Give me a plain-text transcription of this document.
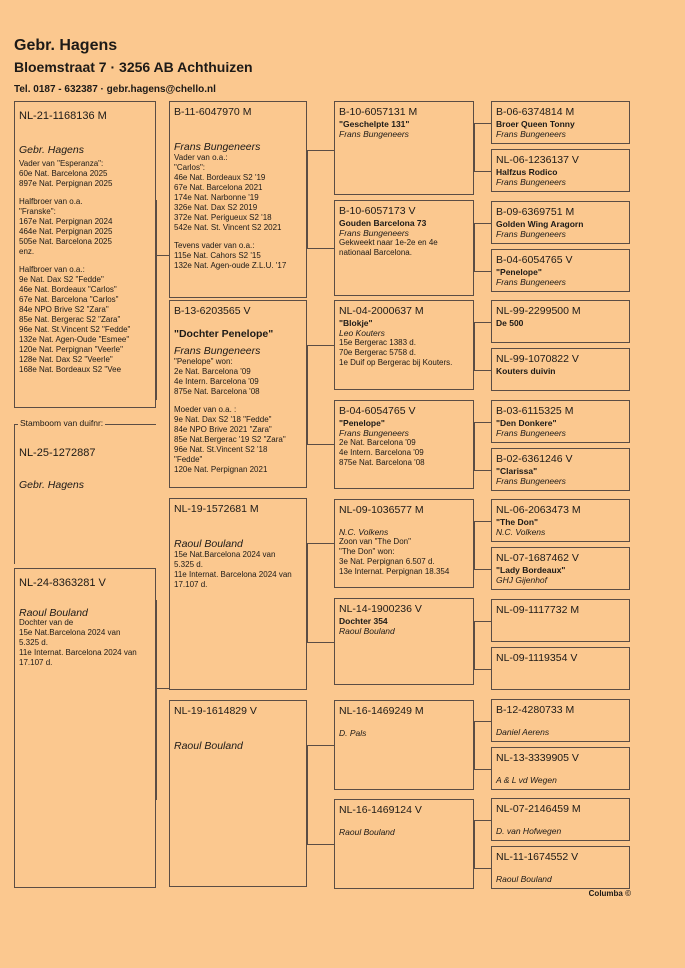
Gebr. Hagens
Bloemstraat 7 · 3256 AB Achthuizen
Tel. 0187 - 632387 · gebr.hagens@chello.nl
NL-21-1168136 M
Gebr. Hagens
Vader van "Esperanza":
60e Nat. Barcelona 2025
897e Nat. Perpignan 2025
Halfbroer van o.a.
"Franske":
167e Nat. Perpignan 2024
464e Nat. Perpignan 2025
505e Nat. Barcelona 2025
enz.
Halfbroer van o.a.:
9e Nat. Dax S2 "Fedde"
46e Nat. Bordeaux "Carlos"
67e Nat. Barcelona "Carlos"
84e NPO Brive S2 "Zara"
85e Nat. Bergerac S2 "Zara"
96e Nat. St.Vincent S2 "Fedde"
132e Nat. Agen-Oude "Esmee"
120e Nat. Perpignan "Veerle"
128e Nat. Dax S2 "Veerle"
168e Nat. Bordeaux S2 "Vee
NL-25-1272887
Gebr. Hagens
Stamboom van duifnr:
NL-24-8363281 V
Raoul Bouland
Dochter van de
15e Nat.Barcelona 2024 van
5.325 d.
11e Internat. Barcelona 2024 van
17.107 d.
B-11-6047970 M
Frans Bungeneers
Vader van o.a.:
"Carlos":
46e Nat. Bordeaux S2 '19
67e Nat. Barcelona 2021
174e Nat. Narbonne '19
326e Nat. Dax S2 2019
372e Nat. Perigueux S2 '18
542e Nat. St. Vincent S2 2021
Tevens vader van o.a.:
115e Nat. Cahors S2 '15
132e Nat. Agen-oude Z.L.U. '17
B-13-6203565 V
"Dochter Penelope"
Frans Bungeneers
"Penelope" won:
2e Nat. Barcelona '09
4e Intern. Barcelona '09
875e Nat. Barcelona '08
Moeder van o.a. :
9e Nat. Dax S2 '18 "Fedde"
84e NPO Brive 2021 "Zara"
85e Nat.Bergerac '19 S2 "Zara"
96e Nat. St.Vincent S2 '18
"Fedde"
120e Nat. Perpignan 2021
NL-19-1572681 M
Raoul Bouland
15e Nat.Barcelona 2024 van
5.325 d.
11e Internat. Barcelona 2024 van
17.107 d.
NL-19-1614829 V
Raoul Bouland
B-10-6057131 M
"Geschelpte 131"
Frans Bungeneers
B-10-6057173 V
Gouden Barcelona 73
Frans Bungeneers
Gekweekt naar 1e-2e en 4e
nationaal Barcelona.
NL-04-2000637 M
"Blokje"
Leo Kouters
15e Bergerac 1383 d.
70e Bergerac 5758 d.
1e Duif op Bergerac bij Kouters.
B-04-6054765 V
"Penelope"
Frans Bungeneers
2e Nat. Barcelona '09
4e Intern. Barcelona '09
875e Nat. Barcelona '08
NL-09-1036577 M
N.C. Volkens
Zoon van "The Don"
"The Don" won:
3e Nat. Perpignan 6.507 d.
13e Internat. Perpignan 18.354
NL-14-1900236 V
Dochter 354
Raoul Bouland
NL-16-1469249 M
D. Pals
NL-16-1469124 V
Raoul Bouland
B-06-6374814 M
Broer Queen Tonny
Frans Bungeneers
NL-06-1236137 V
Halfzus Rodico
Frans Bungeneers
B-09-6369751 M
Golden Wing Aragorn
Frans Bungeneers
B-04-6054765 V
"Penelope"
Frans Bungeneers
NL-99-2299500 M
De 500
NL-99-1070822 V
Kouters duivin
B-03-6115325 M
"Den Donkere"
Frans Bungeneers
B-02-6361246 V
"Clarissa"
Frans Bungeneers
NL-06-2063473 M
"The Don"
N.C. Volkens
NL-07-1687462 V
"Lady Bordeaux"
GHJ Gijenhof
NL-09-1117732 M
NL-09-1119354 V
B-12-4280733 M
Daniel Aerens
NL-13-3339905 V
A & L vd Wegen
NL-07-2146459 M
D. van Hofwegen
NL-11-1674552 V
Raoul Bouland
Columba ©
